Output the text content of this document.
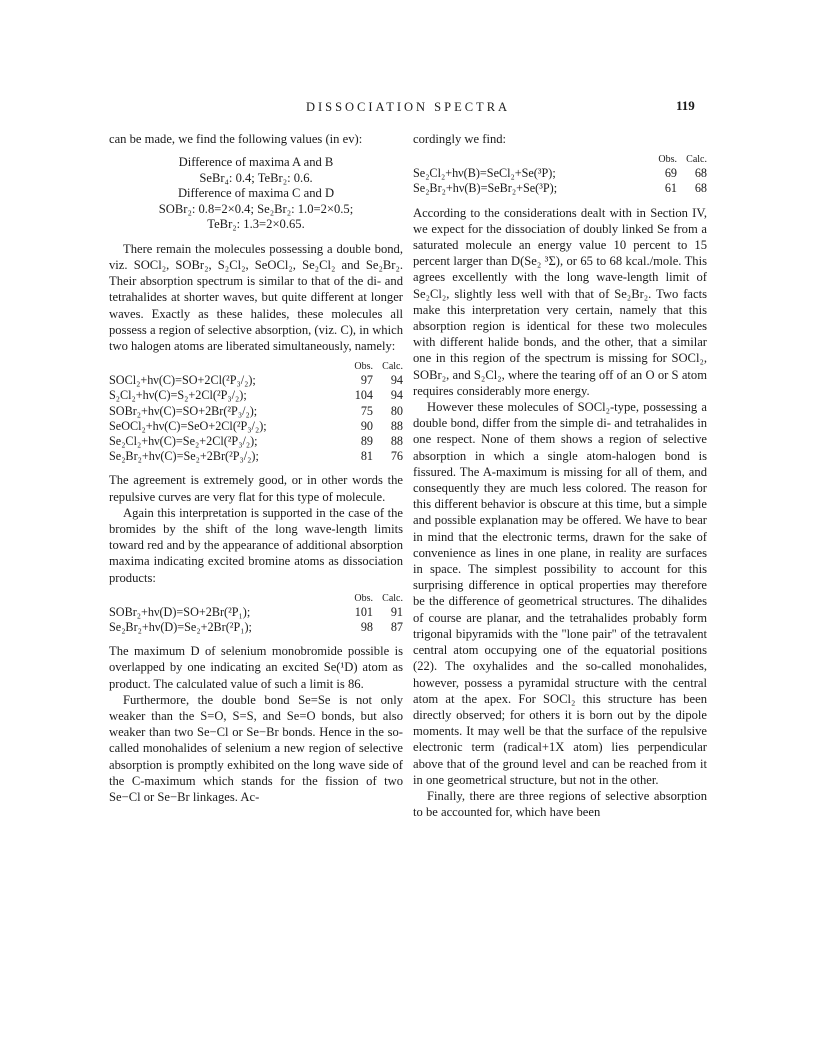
DISSOCIATION SPECTRA	119

can be made, we find the following values (in ev):

Difference of maxima A and B
SeBr₄: 0.4; TeBr₂: 0.6.
Difference of maxima C and D
SOBr₂: 0.8=2×0.4; Se₂Br₂: 1.0=2×0.5;
TeBr₂: 1.3=2×0.65.

There remain the molecules possessing a double bond, viz. SOCl₂, SOBr₂, S₂Cl₂, SeOCl₂, Se₂Cl₂ and Se₂Br₂. Their absorption spectrum is similar to that of the di- and tetrahalides at shorter waves, but quite different at longer waves. Exactly as these halides, these molecules all possess a region of selective absorption, (viz. C), in which two halogen atoms are liberated simultaneously, namely:

	Obs.	Calc.
SOCl₂+hν(C)=SO+2Cl(²P₃/₂);	97	94
S₂Cl₂+hν(C)=S₂+2Cl(²P₃/₂);	104	94
SOBr₂+hν(C)=SO+2Br(²P₃/₂);	75	80
SeOCl₂+hν(C)=SeO+2Cl(²P₃/₂);	90	88
Se₂Cl₂+hν(C)=Se₂+2Cl(²P₃/₂);	89	88
Se₂Br₂+hν(C)=Se₂+2Br(²P₃/₂);	81	76

The agreement is extremely good, or in other words the repulsive curves are very flat for this type of molecule.

Again this interpretation is supported in the case of the bromides by the shift of the long wave-length limits toward red and by the appearance of additional absorption maxima indicating excited bromine atoms as dissociation products:

	Obs.	Calc.
SOBr₂+hν(D)=SO+2Br(²P₁);	101	91
Se₂Br₂+hν(D)=Se₂+2Br(²P₁);	98	87

The maximum D of selenium monobromide possible is overlapped by one indicating an excited Se(¹D) atom as product. The calculated value of such a limit is 86.

Furthermore, the double bond Se=Se is not only weaker than the S=O, S=S, and Se=O bonds, but also weaker than two Se−Cl or Se−Br bonds. Hence in the so-called monohalides of selenium a new region of selective absorption is promptly exhibited on the long wave side of the C-maximum which stands for the fission of two Se−Cl or Se−Br linkages. Ac-

cordingly we find:

	Obs.	Calc.
Se₂Cl₂+hν(B)=SeCl₂+Se(³P);	69	68
Se₂Br₂+hν(B)=SeBr₂+Se(³P);	61	68

According to the considerations dealt with in Section IV, we expect for the dissociation of doubly linked Se from a saturated molecule an energy value 10 percent to 15 percent larger than D(Se₂ ³Σ), or 65 to 68 kcal./mole. This agrees excellently with the long wave-length limit of Se₂Cl₂, slightly less well with that of Se₂Br₂. Two facts make this interpretation very certain, namely that this absorption region is identical for these two molecules with different halide bonds, and the other, that a similar one in this region of the spectrum is missing for SOCl₂, SOBr₂, and S₂Cl₂, where the tearing off of an O or S atom requires considerably more energy.

However these molecules of SOCl₂-type, possessing a double bond, differ from the simple di- and tetrahalides in one respect. None of them shows a region of selective absorption in which a single atom-halogen bond is fissured. The A-maximum is missing for all of them, and consequently they are much less colored. The reason for this different behavior is obscure at this time, but a simple and possible explanation may be offered. We have to bear in mind that the electronic terms, drawn for the sake of convenience as lines in one plane, in reality are surfaces in space. The simplest possibility to account for this surprising difference in optical properties may therefore be the difference of geometrical structures. The dihalides of course are planar, and the tetrahalides probably form trigonal bipyramids with the "lone pair" of the tetravalent central atom occupying one of the equatorial positions (22). The oxyhalides and the so-called monohalides, however, possess a pyramidal structure with the central atom at the apex. For SOCl₂ this structure has been directly observed; for others it is born out by the dipole moments. It may well be that the surface of the repulsive electronic term (radical+1X atom) lies perpendicular above that of the ground level and can be reached from it in one geometrical structure, but not in the other.

Finally, there are three regions of selective absorption to be accounted for, which have been
